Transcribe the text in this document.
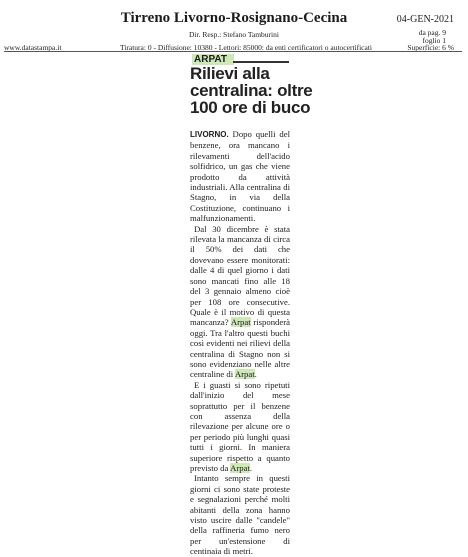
Tirreno Livorno-Rosignano-Cecina	04-GEN-2021
da pag. 9
foglio 1
Dir. Resp.: Stefano Tamburini
www.datastampa.it	Tiratura: 0 - Diffusione: 10380 - Lettori: 85000: da enti certificatori o autocertificati	Superficie: 6 %
ARPAT
Rilievi alla centralina: oltre 100 ore di buco

LIVORNO. Dopo quelli del benzene, ora mancano i rilevamenti dell'acido solfidrico, un gas che viene prodotto da attività industriali. Alla centralina di Stagno, in via della Costituzione, continuano i malfunzionamenti.

Dal 30 dicembre è stata rilevata la mancanza di circa il 50% dei dati che dovevano essere monitorati: dalle 4 di quel giorno i dati sono mancati fino alle 18 del 3 gennaio almeno cioè per 108 ore consecutive. Quale è il motivo di questa mancanza? Arpat risponderà oggi. Tra l'altro questi buchi così evidenti nei rilievi della centralina di Stagno non si sono evidenziano nelle altre centraline di Arpat.

E i guasti si sono ripetuti dall'inizio del mese soprattutto per il benzene con assenza della rilevazione per alcune ore o per periodo più lunghi quasi tutti i giorni. In maniera superiore rispetto a quanto previsto da Arpat.

Intanto sempre in questi giorni ci sono state proteste e segnalazioni perché molti abitanti della zona hanno visto uscire dalle "candele" della raffineria fumo nero per un'estensione di centinaia di metri.
